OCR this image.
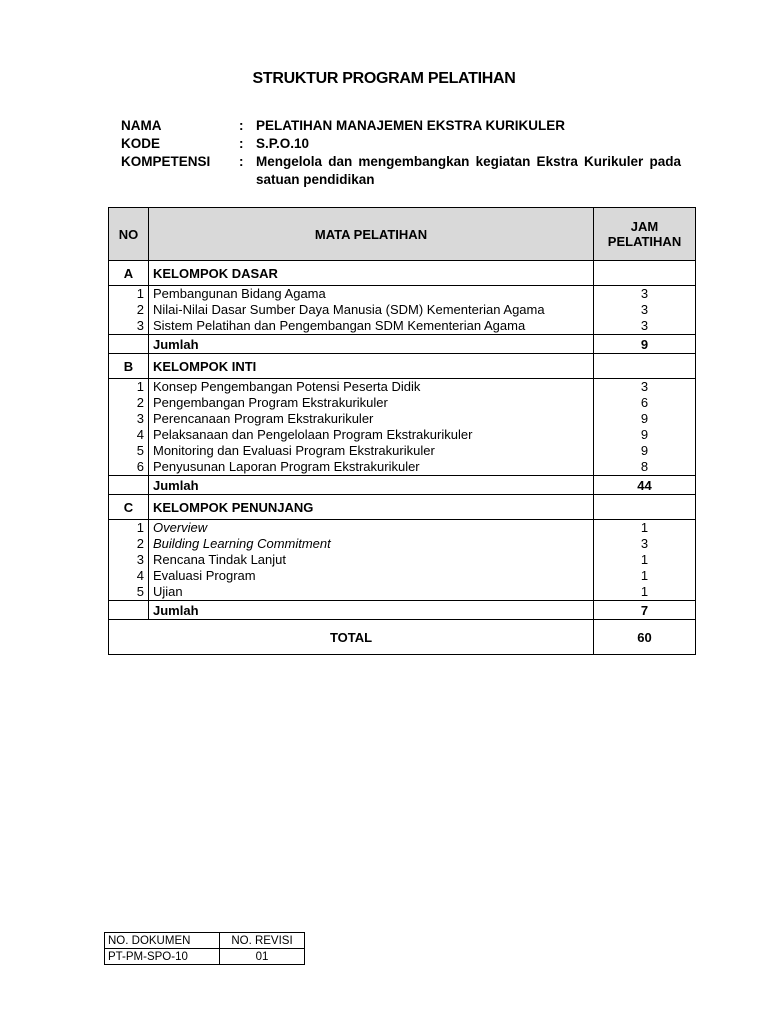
STRUKTUR PROGRAM PELATIHAN
NAMA	: PELATIHAN MANAJEMEN EKSTRA KURIKULER
KODE	: S.P.O.10
KOMPETENSI	: Mengelola dan mengembangkan kegiatan Ekstra Kurikuler pada satuan pendidikan
NO	MATA PELATIHAN	JAM PELATIHAN
A	KELOMPOK DASAR	
1	Pembangunan Bidang Agama	3
2	Nilai-Nilai Dasar Sumber Daya Manusia (SDM) Kementerian Agama	3
3	Sistem Pelatihan dan Pengembangan SDM Kementerian Agama	3
	Jumlah	9
B	KELOMPOK INTI	
1	Konsep Pengembangan Potensi Peserta Didik	3
2	Pengembangan Program Ekstrakurikuler	6
3	Perencanaan Program Ekstrakurikuler	9
4	Pelaksanaan dan Pengelolaan Program Ekstrakurikuler	9
5	Monitoring dan Evaluasi Program Ekstrakurikuler	9
6	Penyusunan Laporan Program Ekstrakurikuler	8
	Jumlah	44
C	KELOMPOK PENUNJANG	
1	Overview	1
2	Building Learning Commitment	3
3	Rencana Tindak Lanjut	1
4	Evaluasi Program	1
5	Ujian	1
	Jumlah	7
TOTAL		60
NO. DOKUMEN	NO. REVISI
PT-PM-SPO-10	01
